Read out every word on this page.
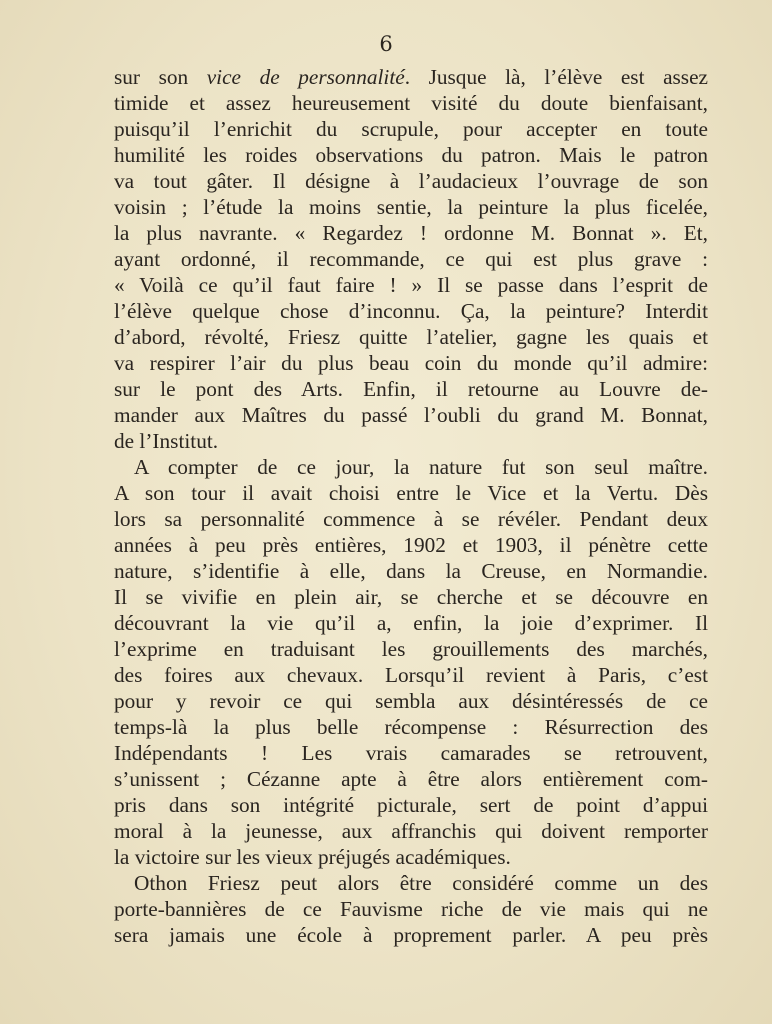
6
sur son vice de personnalité. Jusque là, l’élève est assez
timide et assez heureusement visité du doute bienfaisant,
puisqu’il l’enrichit du scrupule, pour accepter en toute
humilité les roides observations du patron. Mais le patron
va tout gâter. Il désigne à l’audacieux l’ouvrage de son
voisin ; l’étude la moins sentie, la peinture la plus ficelée,
la plus navrante. « Regardez ! ordonne M. Bonnat ». Et,
ayant ordonné, il recommande, ce qui est plus grave :
« Voilà ce qu’il faut faire ! » Il se passe dans l’esprit de
l’élève quelque chose d’inconnu. Ça, la peinture? Interdit
d’abord, révolté, Friesz quitte l’atelier, gagne les quais et
va respirer l’air du plus beau coin du monde qu’il admire:
sur le pont des Arts. Enfin, il retourne au Louvre de-
mander aux Maîtres du passé l’oubli du grand M. Bonnat,
de l’Institut.
A compter de ce jour, la nature fut son seul maître.
A son tour il avait choisi entre le Vice et la Vertu. Dès
lors sa personnalité commence à se révéler. Pendant deux
années à peu près entières, 1902 et 1903, il pénètre cette
nature, s’identifie à elle, dans la Creuse, en Normandie.
Il se vivifie en plein air, se cherche et se découvre en
découvrant la vie qu’il a, enfin, la joie d’exprimer. Il
l’exprime en traduisant les grouillements des marchés,
des foires aux chevaux. Lorsqu’il revient à Paris, c’est
pour y revoir ce qui sembla aux désintéressés de ce
temps-là la plus belle récompense : Résurrection des
Indépendants ! Les vrais camarades se retrouvent,
s’unissent ; Cézanne apte à être alors entièrement com-
pris dans son intégrité picturale, sert de point d’appui
moral à la jeunesse, aux affranchis qui doivent remporter
la victoire sur les vieux préjugés académiques.
Othon Friesz peut alors être considéré comme un des
porte-bannières de ce Fauvisme riche de vie mais qui ne
sera jamais une école à proprement parler. A peu près
